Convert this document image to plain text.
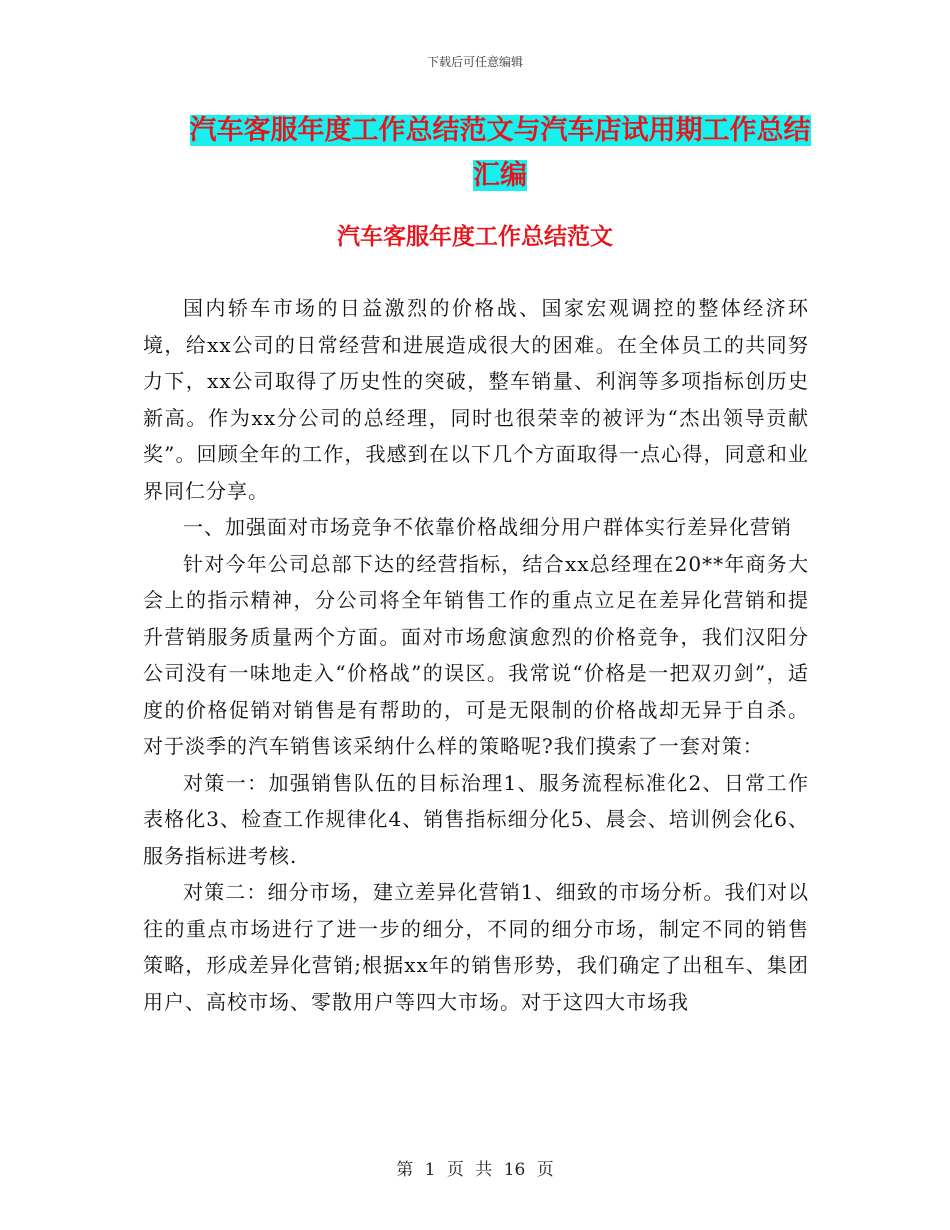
下载后可任意编辑
汽车客服年度工作总结范文与汽车店试用期工作总结
汇编
汽车客服年度工作总结范文

国内轿车市场的日益激烈的价格战、国家宏观调控的整体经济环境，给xx公司的日常经营和进展造成很大的困难。在全体员工的共同努力下，xx公司取得了历史性的突破，整车销量、利润等多项指标创历史新高。作为xx分公司的总经理，同时也很荣幸的被评为“杰出领导贡献奖”。回顾全年的工作，我感到在以下几个方面取得一点心得，同意和业界同仁分享。

一、加强面对市场竞争不依靠价格战细分用户群体实行差异化营销

针对今年公司总部下达的经营指标，结合xx总经理在20**年商务大会上的指示精神，分公司将全年销售工作的重点立足在差异化营销和提升营销服务质量两个方面。面对市场愈演愈烈的价格竞争，我们汉阳分公司没有一味地走入“价格战”的误区。我常说“价格是一把双刃剑”，适度的价格促销对销售是有帮助的，可是无限制的价格战却无异于自杀。对于淡季的汽车销售该采纳什么样的策略呢?我们摸索了一套对策：

对策一：加强销售队伍的目标治理1、服务流程标准化2、日常工作表格化3、检查工作规律化4、销售指标细分化5、晨会、培训例会化6、服务指标进考核.

对策二：细分市场，建立差异化营销1、细致的市场分析。我们对以往的重点市场进行了进一步的细分，不同的细分市场，制定不同的销售策略，形成差异化营销;根据xx年的销售形势，我们确定了出租车、集团用户、高校市场、零散用户等四大市场。对于这四大市场我

第 1 页 共 16 页
